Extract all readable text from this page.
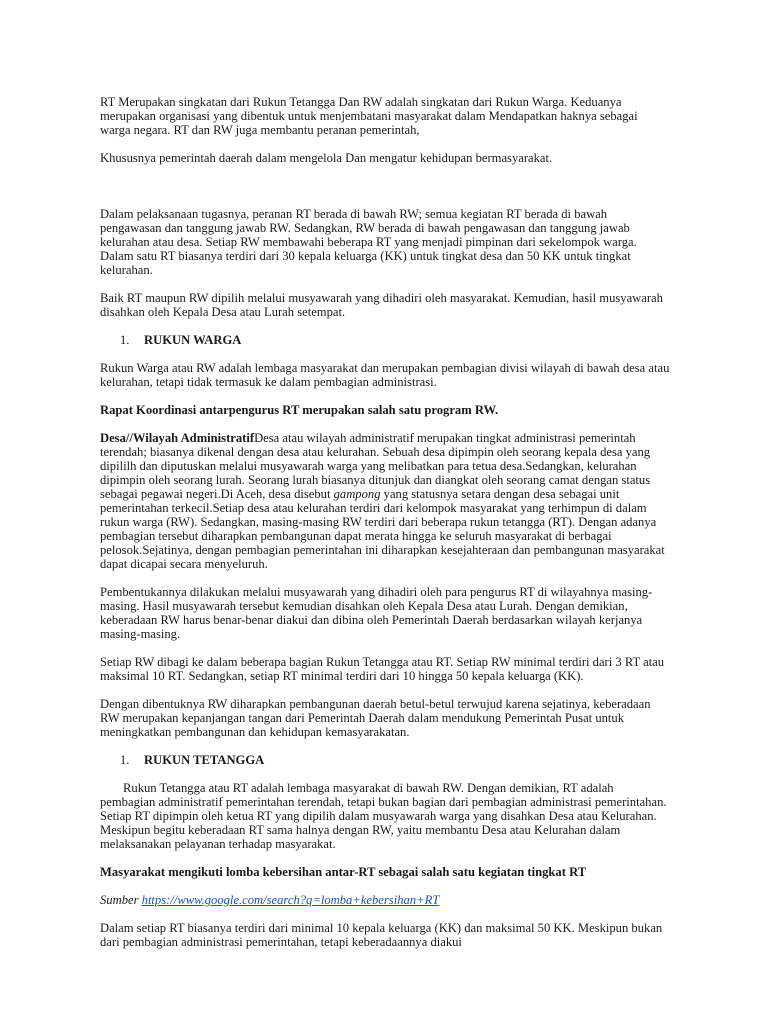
RT Merupakan singkatan dari Rukun Tetangga Dan RW adalah singkatan dari Rukun Warga. Keduanya merupakan organisasi yang dibentuk untuk menjembatani masyarakat dalam Mendapatkan haknya sebagai warga negara. RT dan RW juga membantu peranan pemerintah,

Khususnya pemerintah daerah dalam mengelola Dan mengatur kehidupan bermasyarakat.

Dalam pelaksanaan tugasnya, peranan RT berada di bawah RW; semua kegiatan RT berada di bawah pengawasan dan tanggung jawab RW. Sedangkan, RW berada di bawah pengawasan dan tanggung jawab kelurahan atau desa. Setiap RW membawahi beberapa RT yang menjadi pimpinan dari sekelompok warga. Dalam satu RT biasanya terdiri dari 30 kepala keluarga (KK) untuk tingkat desa dan 50 KK untuk tingkat kelurahan.

Baik RT maupun RW dipilih melalui musyawarah yang dihadiri oleh masyarakat. Kemudian, hasil musyawarah disahkan oleh Kepala Desa atau Lurah setempat.

1. RUKUN WARGA

Rukun Warga atau RW adalah lembaga masyarakat dan merupakan pembagian divisi wilayah di bawah desa atau kelurahan, tetapi tidak termasuk ke dalam pembagian administrasi.

Rapat Koordinasi antarpengurus RT merupakan salah satu program RW.

Desa//Wilayah AdministratifDesa atau wilayah administratif merupakan tingkat administrasi pemerintah terendah; biasanya dikenal dengan desa atau kelurahan. Sebuah desa dipimpin oleh seorang kepala desa yang dipililh dan diputuskan melalui musyawarah warga yang melibatkan para tetua desa.Sedangkan, kelurahan dipimpin oleh seorang lurah. Seorang lurah biasanya ditunjuk dan diangkat oleh seorang camat dengan status sebagai pegawai negeri.Di Aceh, desa disebut gampong yang statusnya setara dengan desa sebagai unit pemerintahan terkecil.Setiap desa atau kelurahan terdiri dari kelompok masyarakat yang terhimpun di dalam rukun warga (RW). Sedangkan, masing-masing RW terdiri dari beberapa rukun tetangga (RT). Dengan adanya pembagian tersebut diharapkan pembangunan dapat merata hingga ke seluruh masyarakat di berbagai pelosok.Sejatinya, dengan pembagian pemerintahan ini diharapkan kesejahteraan dan pembangunan masyarakat dapat dicapai secara menyeluruh.

Pembentukannya dilakukan melalui musyawarah yang dihadiri oleh para pengurus RT di wilayahnya masing-masing. Hasil musyawarah tersebut kemudian disahkan oleh Kepala Desa atau Lurah. Dengan demikian, keberadaan RW harus benar-benar diakui dan dibina oleh Pemerintah Daerah berdasarkan wilayah kerjanya masing-masing.

Setiap RW dibagi ke dalam beberapa bagian Rukun Tetangga atau RT. Setiap RW minimal terdiri dari 3 RT atau maksimal 10 RT. Sedangkan, setiap RT minimal terdiri dari 10 hingga 50 kepala keluarga (KK).

Dengan dibentuknya RW diharapkan pembangunan daerah betul-betul terwujud karena sejatinya, keberadaan RW merupakan kepanjangan tangan dari Pemerintah Daerah dalam mendukung Pemerintah Pusat untuk meningkatkan pembangunan dan kehidupan kemasyarakatan.

1. RUKUN TETANGGA

Rukun Tetangga atau RT adalah lembaga masyarakat di bawah RW. Dengan demikian, RT adalah pembagian administratif pemerintahan terendah, tetapi bukan bagian dari pembagian administrasi pemerintahan. Setiap RT dipimpin oleh ketua RT yang dipilih dalam musyawarah warga yang disahkan Desa atau Kelurahan. Meskipun begitu keberadaan RT sama halnya dengan RW, yaitu membantu Desa atau Kelurahan dalam melaksanakan pelayanan terhadap masyarakat.

Masyarakat mengikuti lomba kebersihan antar-RT sebagai salah satu kegiatan tingkat RT

Sumber https://www.google.com/search?q=lomba+kebersihan+RT

Dalam setiap RT biasanya terdiri dari minimal 10 kepala keluarga (KK) dan maksimal 50 KK. Meskipun bukan dari pembagian administrasi pemerintahan, tetapi keberadaannya diakui
